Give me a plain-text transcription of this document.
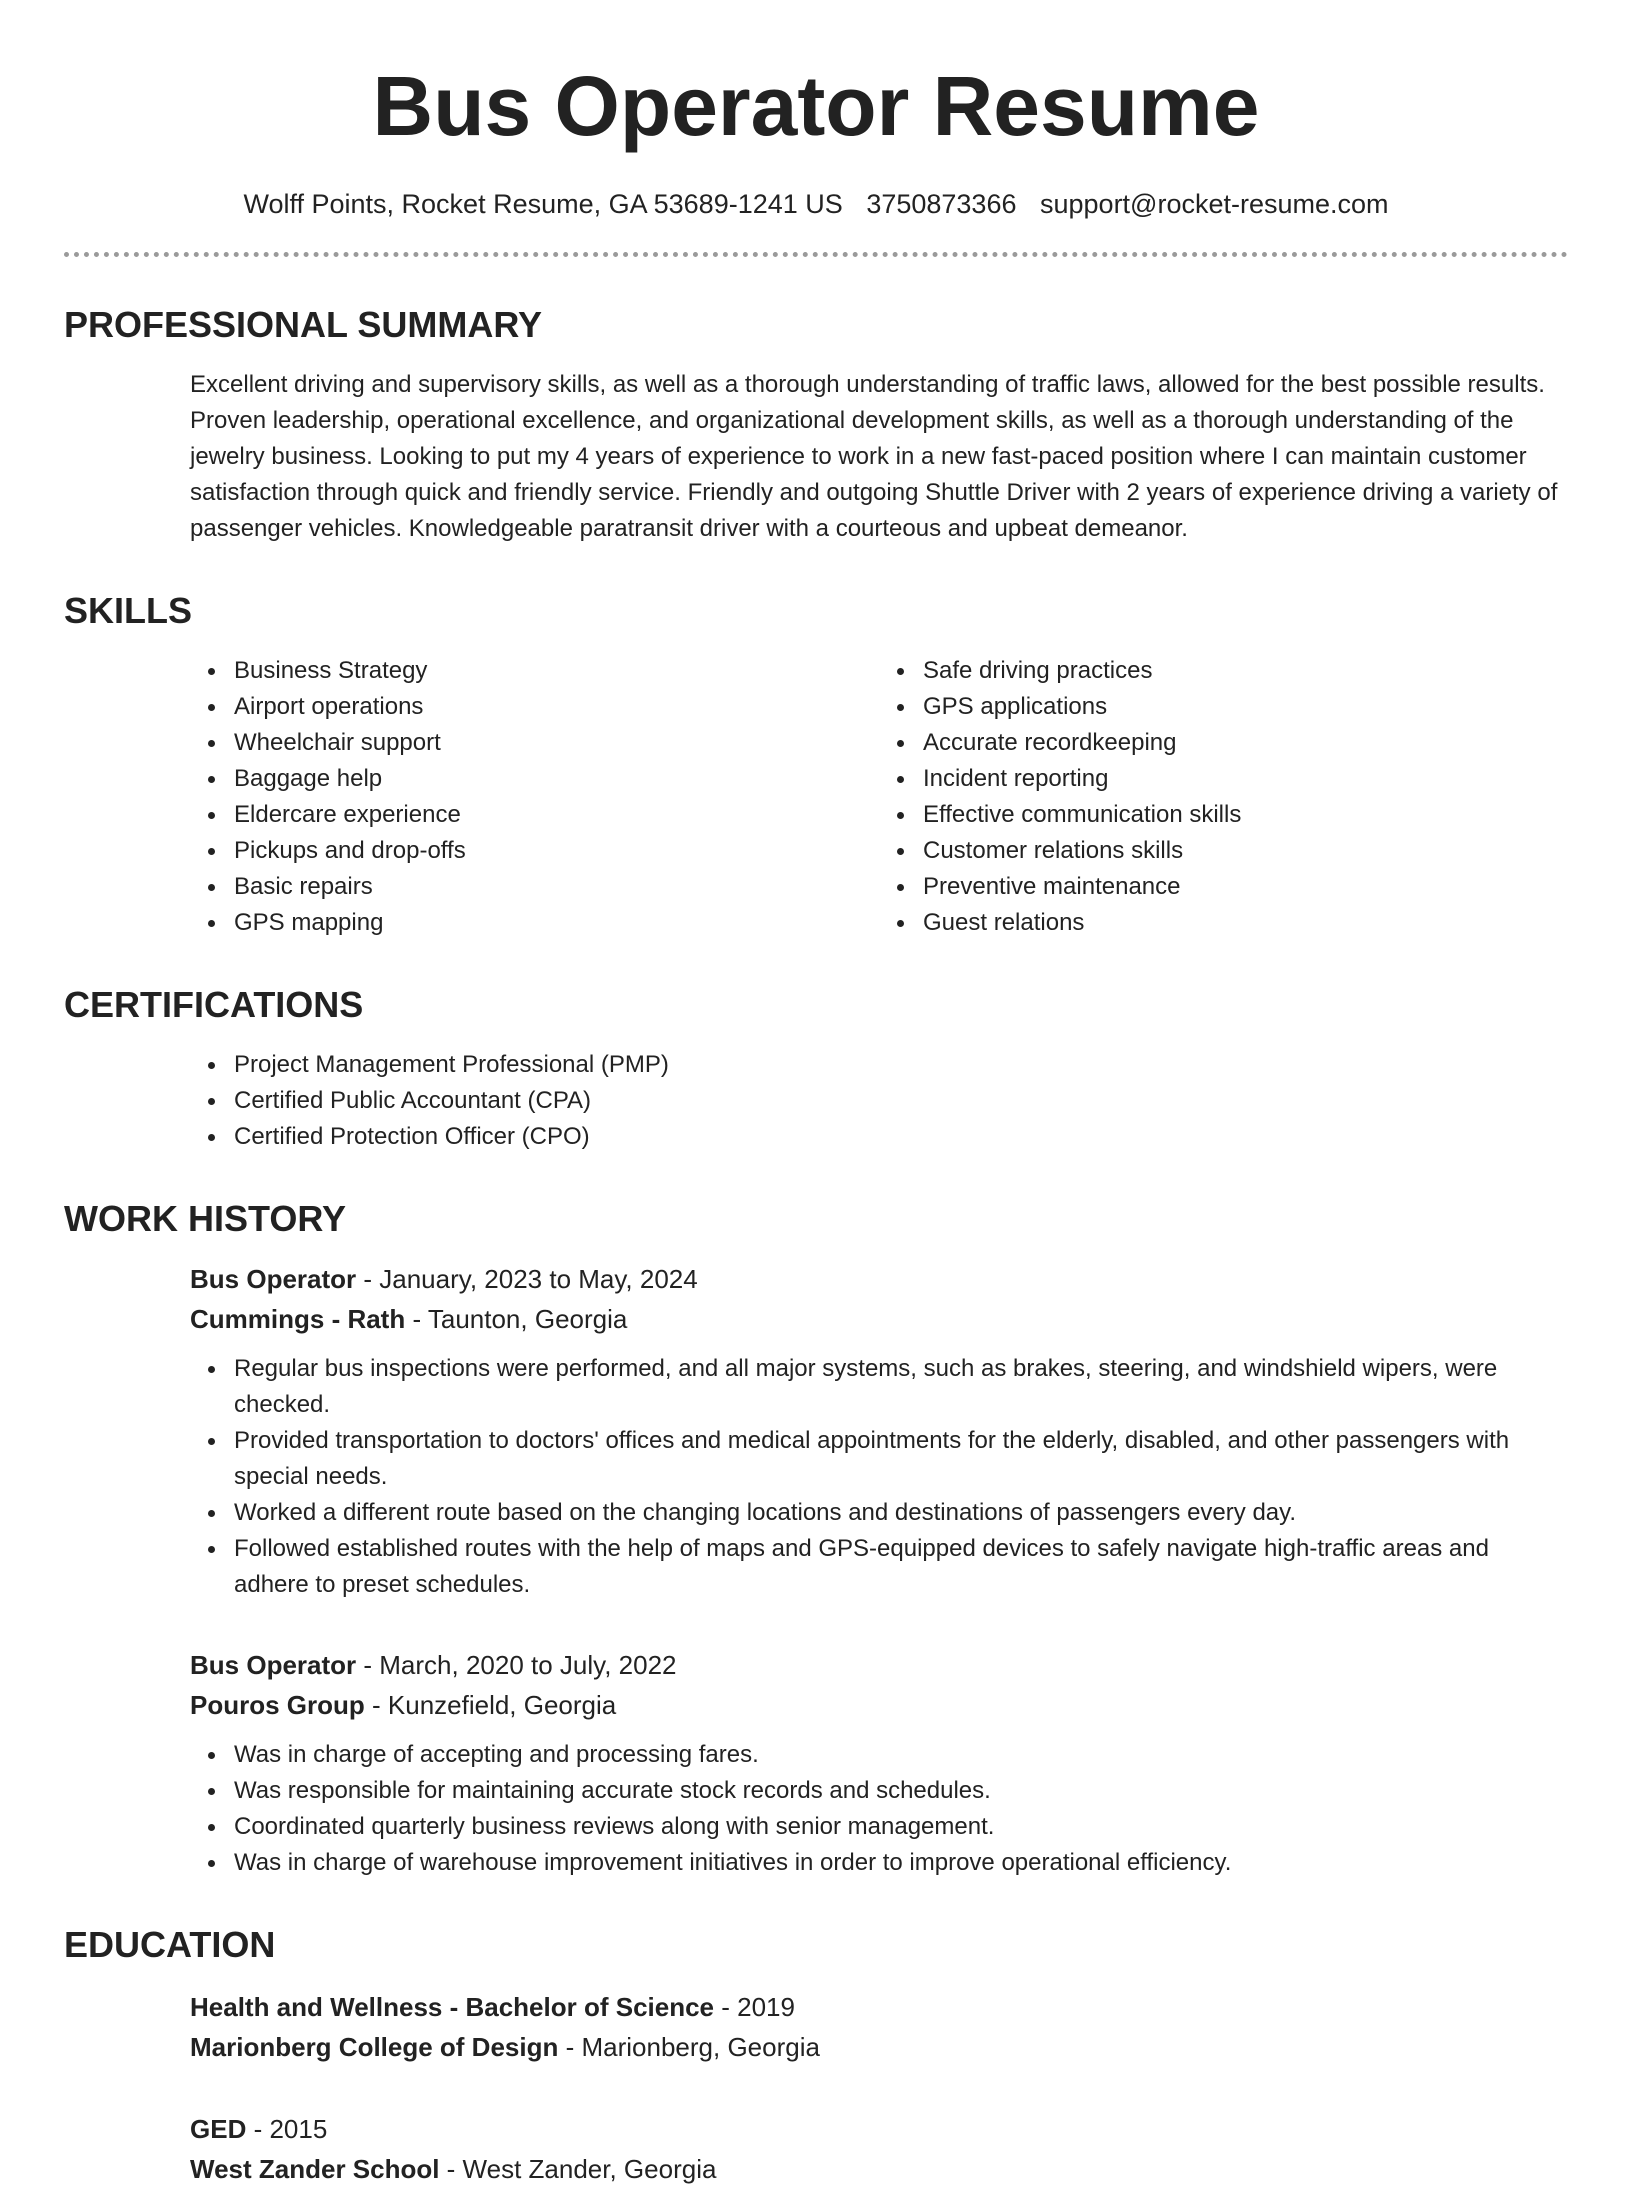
Bus Operator Resume
Wolff Points, Rocket Resume, GA 53689-1241 US 3750873366 support@rocket-resume.com
PROFESSIONAL SUMMARY
Excellent driving and supervisory skills, as well as a thorough understanding of traffic laws, allowed for the best possible results. Proven leadership, operational excellence, and organizational development skills, as well as a thorough understanding of the jewelry business. Looking to put my 4 years of experience to work in a new fast-paced position where I can maintain customer satisfaction through quick and friendly service. Friendly and outgoing Shuttle Driver with 2 years of experience driving a variety of passenger vehicles. Knowledgeable paratransit driver with a courteous and upbeat demeanor.
SKILLS
Business Strategy
Airport operations
Wheelchair support
Baggage help
Eldercare experience
Pickups and drop-offs
Basic repairs
GPS mapping
Safe driving practices
GPS applications
Accurate recordkeeping
Incident reporting
Effective communication skills
Customer relations skills
Preventive maintenance
Guest relations
CERTIFICATIONS
Project Management Professional (PMP)
Certified Public Accountant (CPA)
Certified Protection Officer (CPO)
WORK HISTORY
Bus Operator - January, 2023 to May, 2024
Cummings - Rath - Taunton, Georgia
Regular bus inspections were performed, and all major systems, such as brakes, steering, and windshield wipers, were checked.
Provided transportation to doctors' offices and medical appointments for the elderly, disabled, and other passengers with special needs.
Worked a different route based on the changing locations and destinations of passengers every day.
Followed established routes with the help of maps and GPS-equipped devices to safely navigate high-traffic areas and adhere to preset schedules.
Bus Operator - March, 2020 to July, 2022
Pouros Group - Kunzefield, Georgia
Was in charge of accepting and processing fares.
Was responsible for maintaining accurate stock records and schedules.
Coordinated quarterly business reviews along with senior management.
Was in charge of warehouse improvement initiatives in order to improve operational efficiency.
EDUCATION
Health and Wellness - Bachelor of Science - 2019
Marionberg College of Design - Marionberg, Georgia
GED - 2015
West Zander School - West Zander, Georgia
